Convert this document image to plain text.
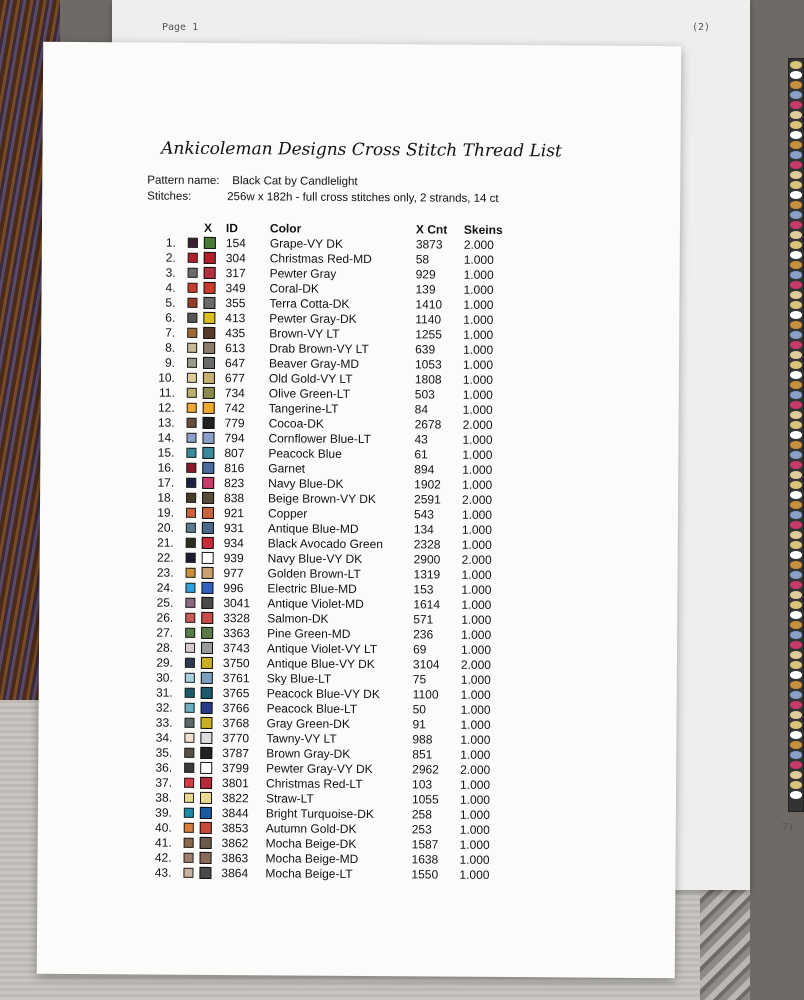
Page 1	(2)
7)
Ankicoleman Designs Cross Stitch Thread List
Pattern name: Black Cat by Candlelight
Stitches:	256w x 182h - full cross stitches only, 2 strands, 14 ct
		X	ID	Color	X Cnt	Skeins
1.			154	Grape-VY DK	3873	2.000
2.			304	Christmas Red-MD	58	1.000
3.			317	Pewter Gray	929	1.000
4.			349	Coral-DK	139	1.000
5.			355	Terra Cotta-DK	1410	1.000
6.			413	Pewter Gray-DK	1140	1.000
7.			435	Brown-VY LT	1255	1.000
8.			613	Drab Brown-VY LT	639	1.000
9.			647	Beaver Gray-MD	1053	1.000
10.			677	Old Gold-VY LT	1808	1.000
11.			734	Olive Green-LT	503	1.000
12.			742	Tangerine-LT	84	1.000
13.			779	Cocoa-DK	2678	2.000
14.			794	Cornflower Blue-LT	43	1.000
15.			807	Peacock Blue	61	1.000
16.			816	Garnet	894	1.000
17.			823	Navy Blue-DK	1902	1.000
18.			838	Beige Brown-VY DK	2591	2.000
19.			921	Copper	543	1.000
20.			931	Antique Blue-MD	134	1.000
21.			934	Black Avocado Green	2328	1.000
22.			939	Navy Blue-VY DK	2900	2.000
23.			977	Golden Brown-LT	1319	1.000
24.			996	Electric Blue-MD	153	1.000
25.			3041	Antique Violet-MD	1614	1.000
26.			3328	Salmon-DK	571	1.000
27.			3363	Pine Green-MD	236	1.000
28.			3743	Antique Violet-VY LT	69	1.000
29.			3750	Antique Blue-VY DK	3104	2.000
30.			3761	Sky Blue-LT	75	1.000
31.			3765	Peacock Blue-VY DK	1100	1.000
32.			3766	Peacock Blue-LT	50	1.000
33.			3768	Gray Green-DK	91	1.000
34.			3770	Tawny-VY LT	988	1.000
35.			3787	Brown Gray-DK	851	1.000
36.			3799	Pewter Gray-VY DK	2962	2.000
37.			3801	Christmas Red-LT	103	1.000
38.			3822	Straw-LT	1055	1.000
39.			3844	Bright Turquoise-DK	258	1.000
40.			3853	Autumn Gold-DK	253	1.000
41.			3862	Mocha Beige-DK	1587	1.000
42.			3863	Mocha Beige-MD	1638	1.000
43.			3864	Mocha Beige-LT	1550	1.000
